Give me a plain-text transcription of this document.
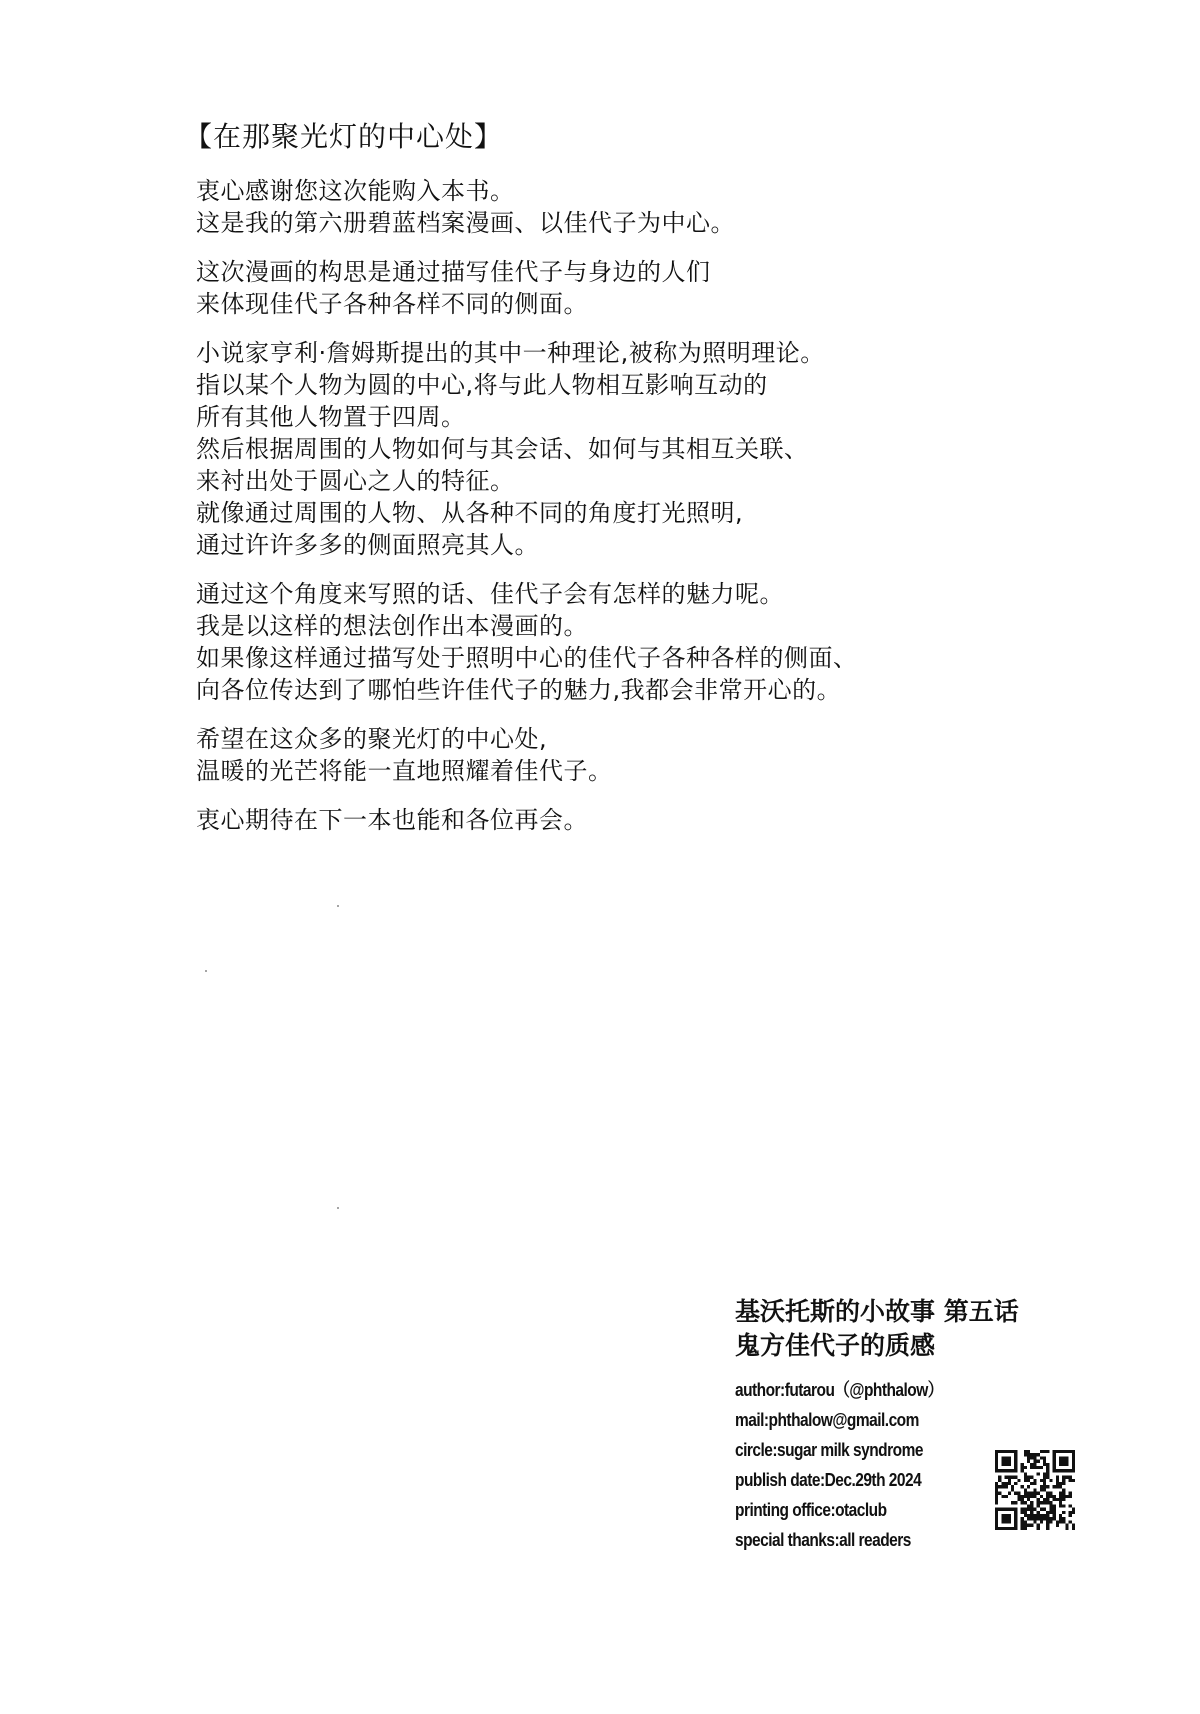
【在那聚光灯的中心处】
衷心感谢您这次能购入本书。
这是我的第六册碧蓝档案漫画、以佳代子为中心。
这次漫画的构思是通过描写佳代子与身边的人们
来体现佳代子各种各样不同的侧面。
小说家亨利·詹姆斯提出的其中一种理论,被称为照明理论。
指以某个人物为圆的中心,将与此人物相互影响互动的
所有其他人物置于四周。
然后根据周围的人物如何与其会话、如何与其相互关联、
来衬出处于圆心之人的特征。
就像通过周围的人物、从各种不同的角度打光照明,
通过许许多多的侧面照亮其人。
通过这个角度来写照的话、佳代子会有怎样的魅力呢。
我是以这样的想法创作出本漫画的。
如果像这样通过描写处于照明中心的佳代子各种各样的侧面、
向各位传达到了哪怕些许佳代子的魅力,我都会非常开心的。
希望在这众多的聚光灯的中心处,
温暖的光芒将能一直地照耀着佳代子。
衷心期待在下一本也能和各位再会。
基沃托斯的小故事 第五话
鬼方佳代子的质感
author:futarou（@phthalow）
mail:phthalow@gmail.com
circle:sugar milk syndrome
publish date:Dec.29th 2024
printing office:otaclub
special thanks:all readers
